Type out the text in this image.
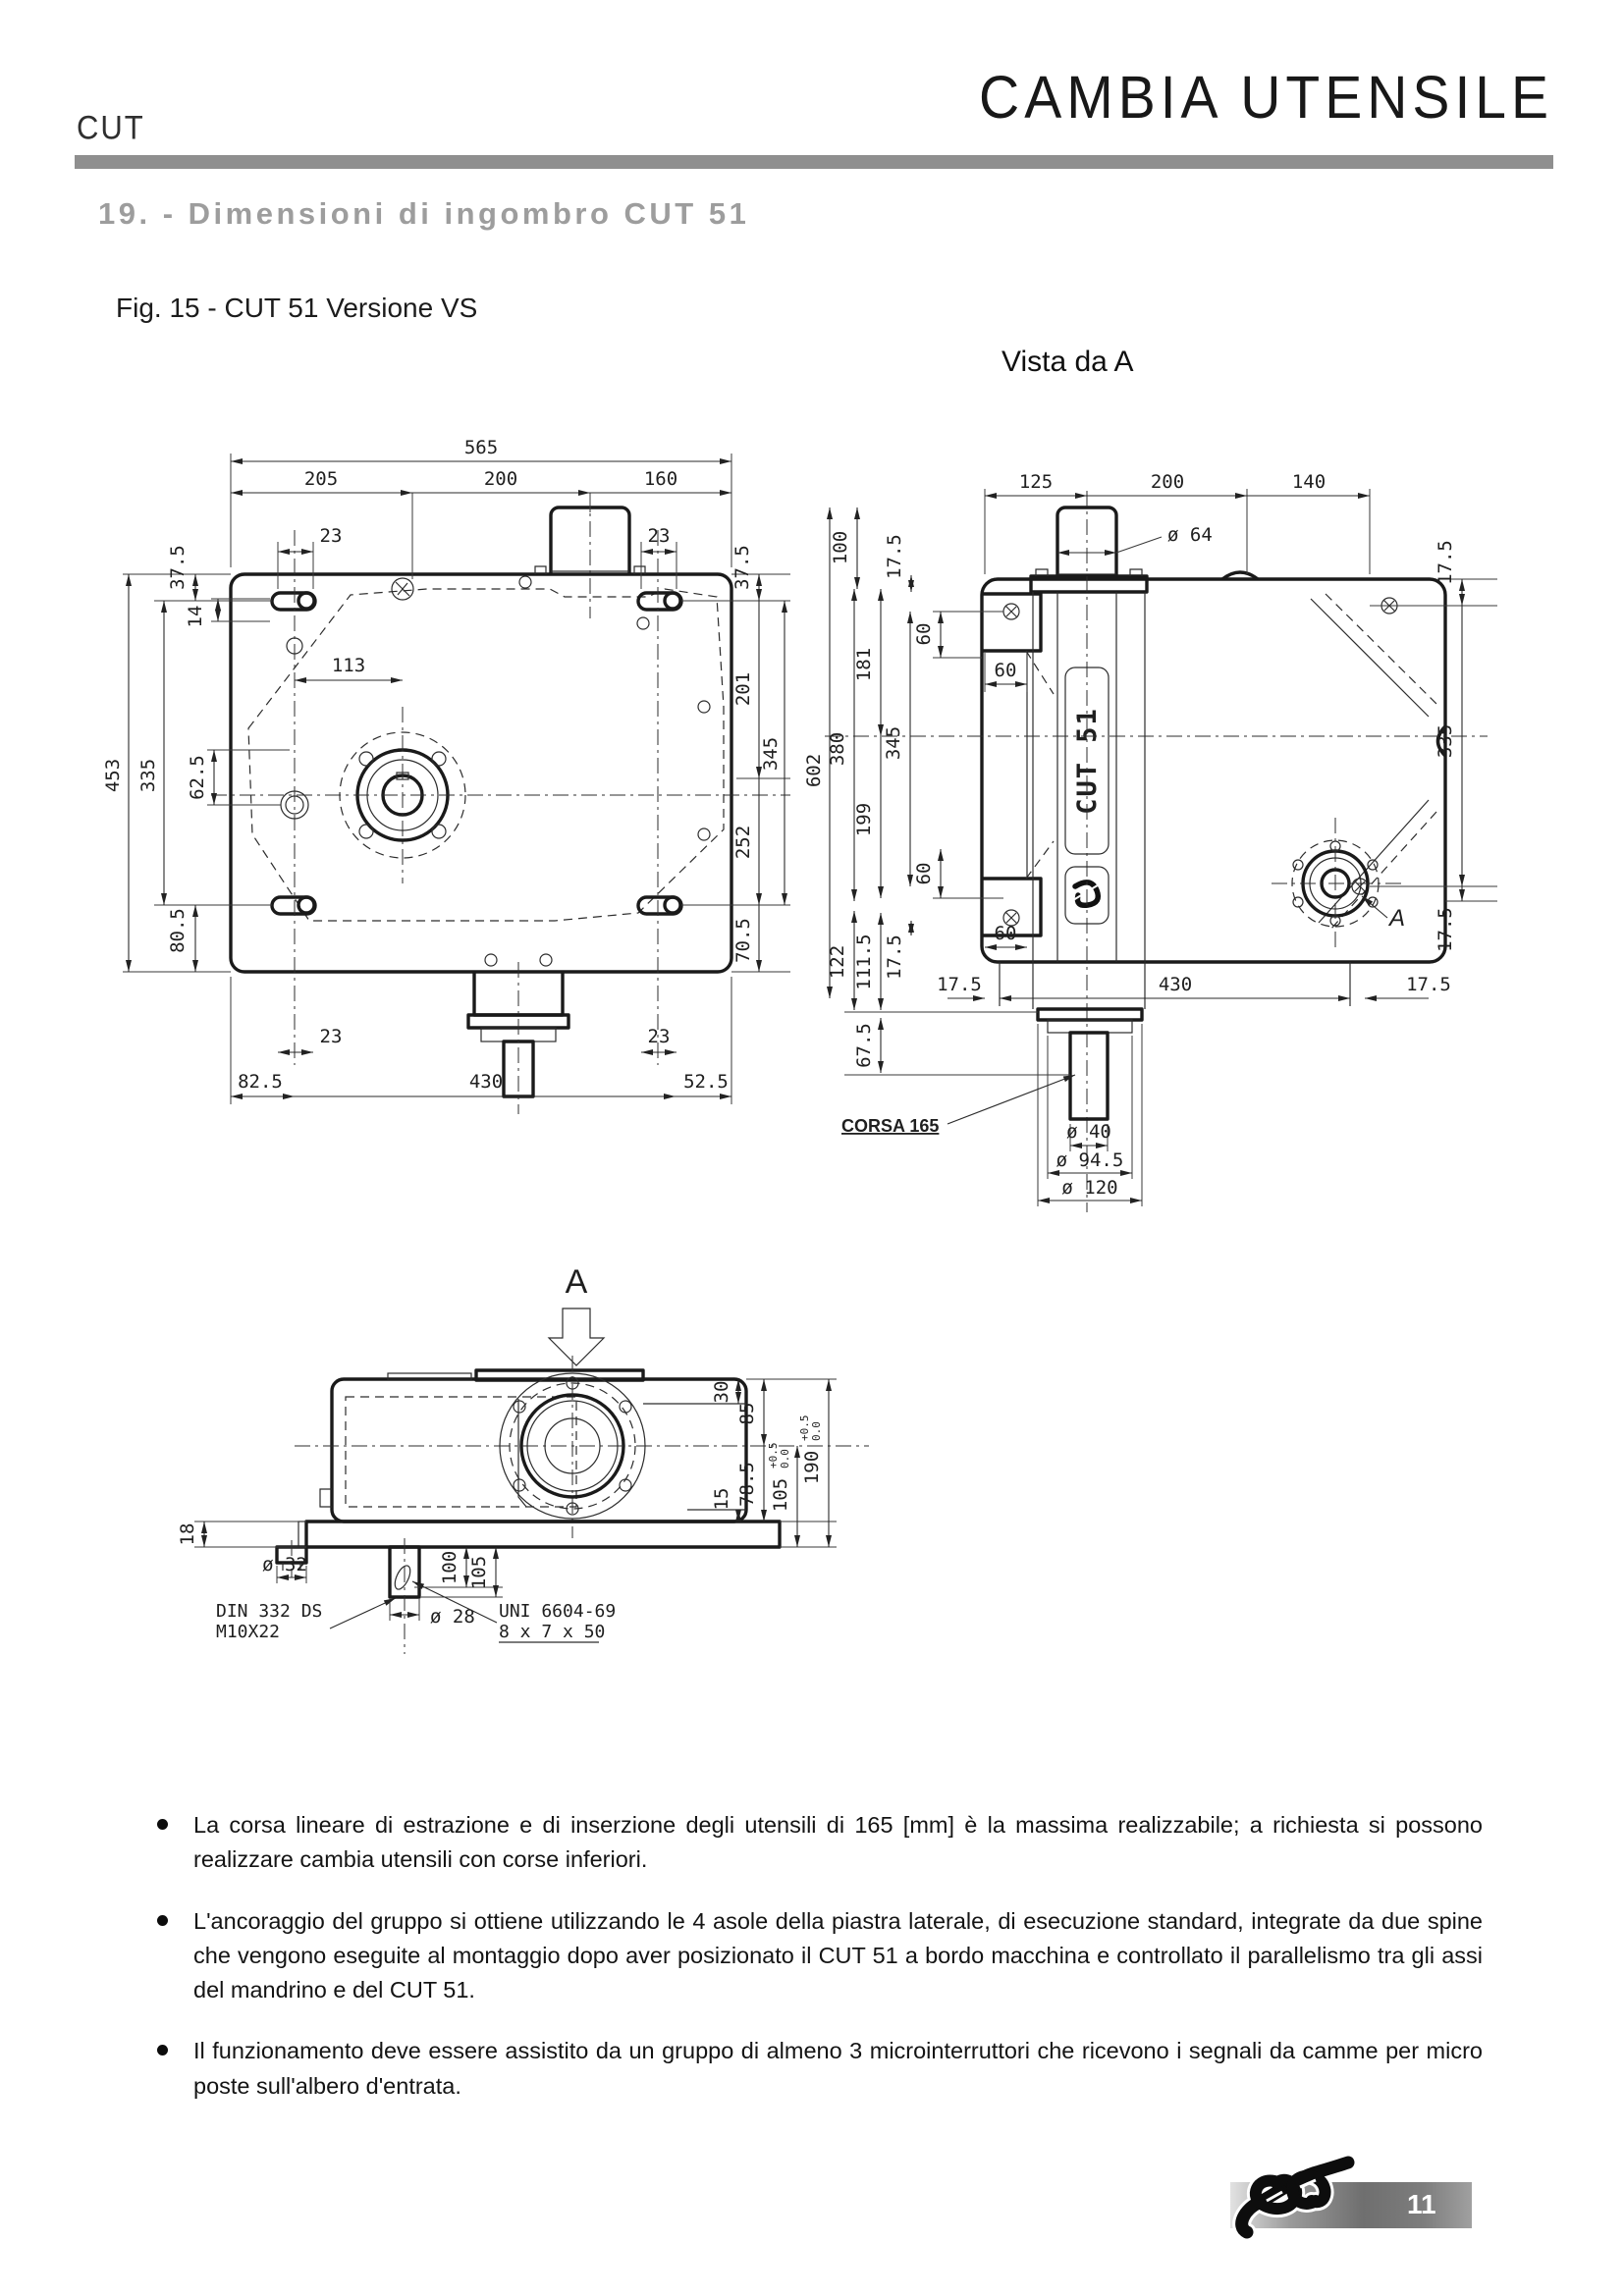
CUT	CAMBIA UTENSILE
19. - Dimensioni di ingombro CUT 51
Fig. 15 - CUT 51 Versione VS
Vista da A
565
205	200	160
23	23
14
113
37.5
453 335 62.5
80.5
37.5
201
252
70.5
345
23	23
82.5	430	52.5
CUT 51
125	200	140
ø 64
100 17.5
60
60
181
345
199
380
602
60
60
122 111.5 17.5
67.5
17.5	430	17.5
17.5
335
17.5
A
ø 40
ø 94.5
ø 120
CORSA 165
A
30
85
78.5
15 105
+0.5 0.0 190
+0.5 0.0
18
ø 32	100 105
ø 28
DIN 332 DS
M10X22
UNI 6604-69
8 x 7 x 50

La corsa lineare di estrazione e di inserzione degli utensili di 165 [mm] è la massima realizzabile; a richiesta si possono realizzare cambia utensili con corse inferiori.

L'ancoraggio del gruppo si ottiene utilizzando le 4 asole della piastra laterale, di esecuzione standard, integrate da due spine che vengono eseguite al montaggio dopo aver posizionato il CUT 51 a bordo macchina e controllato il parallelismo tra gli assi del mandrino e del CUT 51.

Il funzionamento deve essere assistito da un gruppo di almeno 3 microinterruttori che ricevono i segnali da camme per micro poste sull'albero d'entrata.

11
